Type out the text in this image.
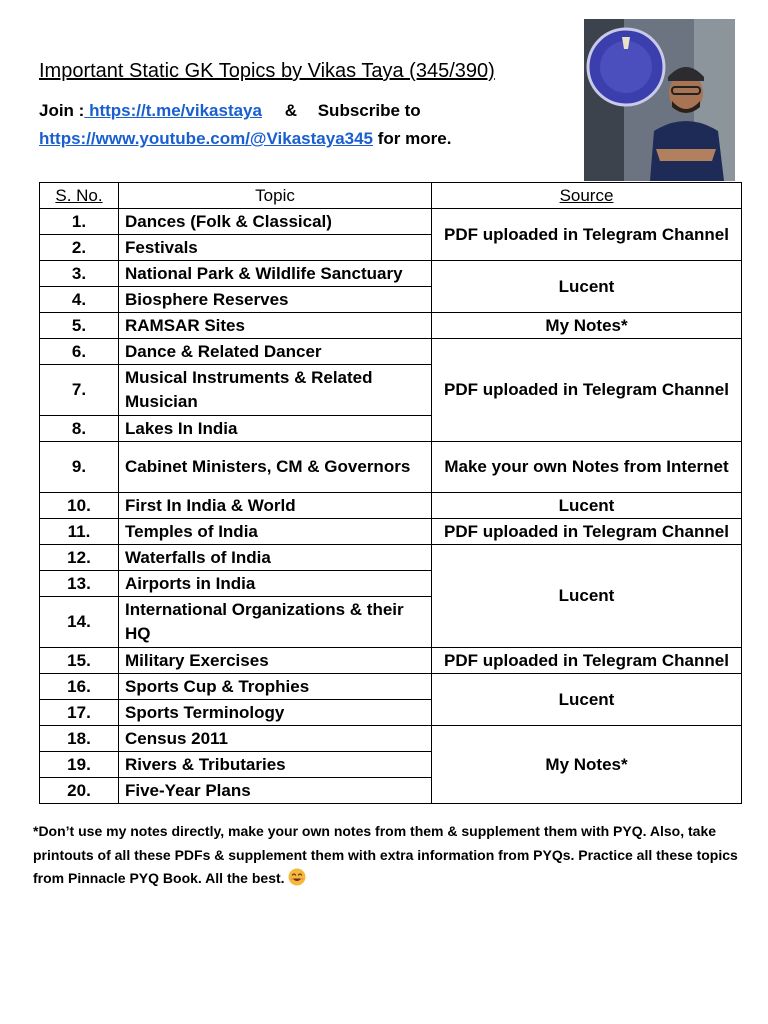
Important Static GK Topics by Vikas Taya (345/390)
Join : https://t.me/vikastaya & Subscribe to
https://www.youtube.com/@Vikastaya345 for more.
S. No.	Topic	Source
1.	Dances (Folk & Classical)	PDF uploaded in Telegram Channel
2.	Festivals	
3.	National Park & Wildlife Sanctuary	Lucent
4.	Biosphere Reserves	
5.	RAMSAR Sites	My Notes*
6.	Dance & Related Dancer	PDF uploaded in Telegram Channel
7.	Musical Instruments & Related Musician	
8.	Lakes In India	
9.	Cabinet Ministers, CM & Governors	Make your own Notes from Internet
10.	First In India & World	Lucent
11.	Temples of India	PDF uploaded in Telegram Channel
12.	Waterfalls of India	Lucent
13.	Airports in India	
14.	International Organizations & their HQ	
15.	Military Exercises	PDF uploaded in Telegram Channel
16.	Sports Cup & Trophies	Lucent
17.	Sports Terminology	
18.	Census 2011	My Notes*
19.	Rivers & Tributaries	
20.	Five-Year Plans	
*Don’t use my notes directly, make your own notes from them & supplement them with PYQ. Also, take printouts of all these PDFs & supplement them with extra information from PYQs. Practice all these topics from Pinnacle PYQ Book. All the best.
